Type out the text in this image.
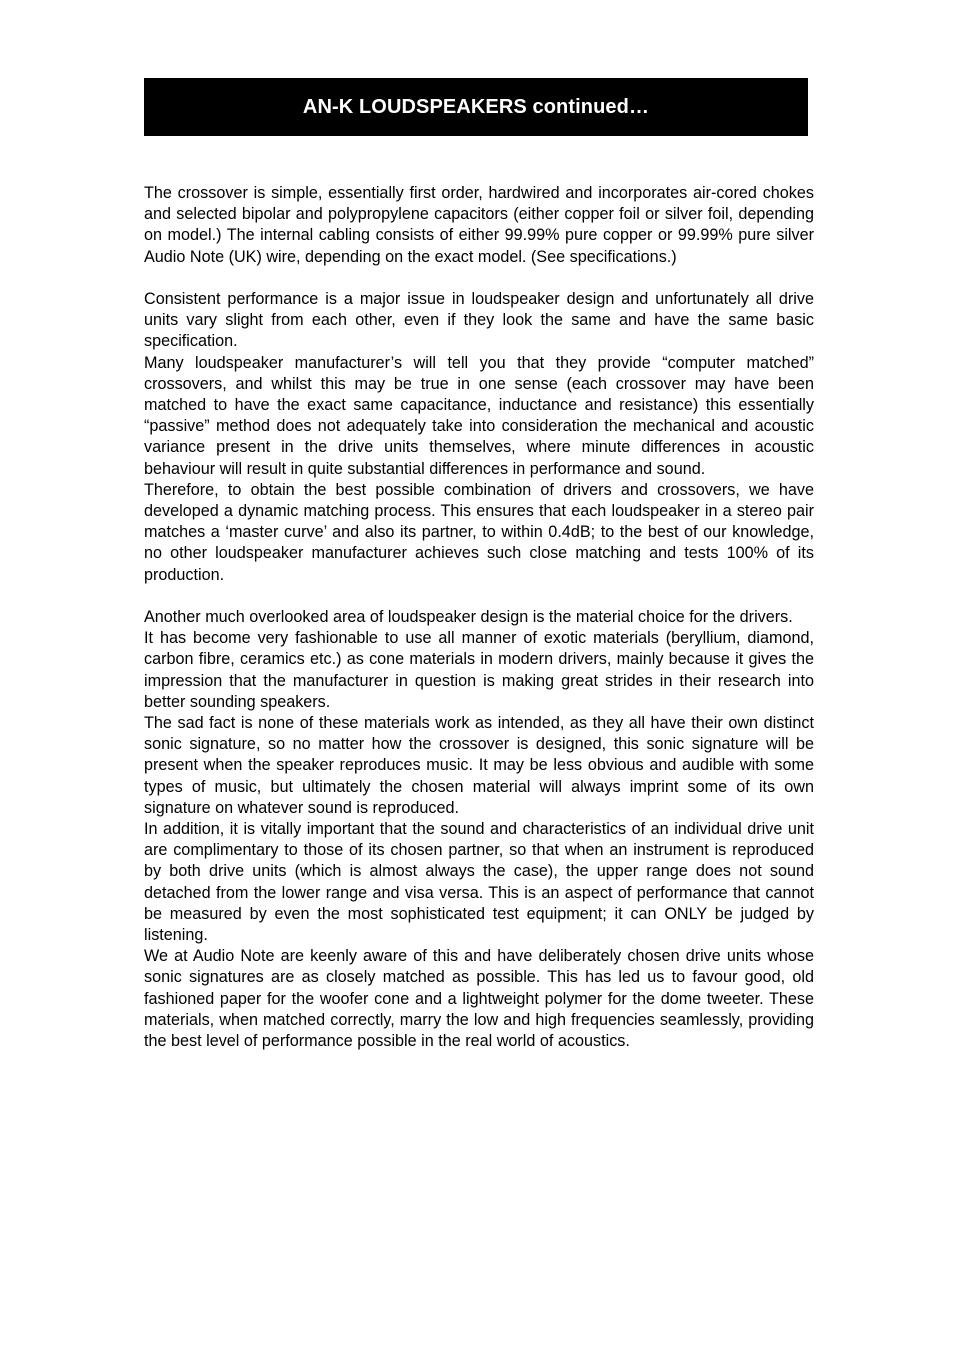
AN-K LOUDSPEAKERS continued…

The crossover is simple, essentially first order, hardwired and incorporates air-cored chokes and selected bipolar and polypropylene capacitors (either copper foil or silver foil, depending on model.) The internal cabling consists of either 99.99% pure copper or 99.99% pure silver Audio Note (UK) wire, depending on the exact model. (See specifications.)

Consistent performance is a major issue in loudspeaker design and unfortunately all drive units vary slight from each other, even if they look the same and have the same basic specification.

Many loudspeaker manufacturer’s will tell you that they provide “computer matched” crossovers, and whilst this may be true in one sense (each crossover may have been matched to have the exact same capacitance, inductance and resistance) this essentially “passive” method does not adequately take into consideration the mechanical and acoustic variance present in the drive units themselves, where minute differences in acoustic behaviour will result in quite substantial differences in performance and sound.

Therefore, to obtain the best possible combination of drivers and crossovers, we have developed a dynamic matching process. This ensures that each loudspeaker in a stereo pair matches a ‘master curve’ and also its partner, to within 0.4dB; to the best of our knowledge, no other loudspeaker manufacturer achieves such close matching and tests 100% of its production.

Another much overlooked area of loudspeaker design is the material choice for the drivers.

It has become very fashionable to use all manner of exotic materials (beryllium, diamond, carbon fibre, ceramics etc.) as cone materials in modern drivers, mainly because it gives the impression that the manufacturer in question is making great strides in their research into better sounding speakers.

The sad fact is none of these materials work as intended, as they all have their own distinct sonic signature, so no matter how the crossover is designed, this sonic signature will be present when the speaker reproduces music. It may be less obvious and audible with some types of music, but ultimately the chosen material will always imprint some of its own signature on whatever sound is reproduced.

In addition, it is vitally important that the sound and characteristics of an individual drive unit are complimentary to those of its chosen partner, so that when an instrument is reproduced by both drive units (which is almost always the case), the upper range does not sound detached from the lower range and visa versa. This is an aspect of performance that cannot be measured by even the most sophisticated test equipment; it can ONLY be judged by listening.

We at Audio Note are keenly aware of this and have deliberately chosen drive units whose sonic signatures are as closely matched as possible. This has led us to favour good, old fashioned paper for the woofer cone and a lightweight polymer for the dome tweeter. These materials, when matched correctly, marry the low and high frequencies seamlessly, providing the best level of performance possible in the real world of acoustics.
